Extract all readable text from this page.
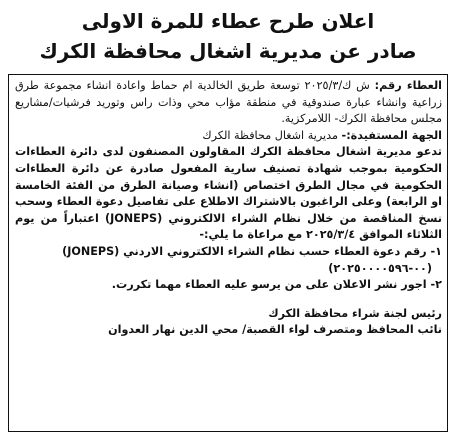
اعلان طرح عطاء للمرة الاولى
صادر عن مديرية اشغال محافظة الكرك

العطاء رقم: ش ك/٢٠٢٥/٣ توسعة طريق الخالدية ام حماط واعادة انشاء مجموعة طرق زراعية وانشاء عبارة صندوقية في منطقة مؤاب محي وذات راس وتوريد فرشيات/مشاريع مجلس محافظة الكرك- اللامركزية.

الجهة المستفيدة:- مديرية اشغال محافظة الكرك

تدعو مديرية اشغال محافظة الكرك المقاولون المصنفون لدى دائرة العطاءات الحكومية بموجب شهادة تصنيف سارية المفعول صادرة عن دائرة العطاءات الحكومية في مجال الطرق اختصاص (انشاء وصيانة الطرق من الفئة الخامسة او الرابعة) وعلى الراغبون بالاشتراك الاطلاع على تفاصيل دعوة العطاء وسحب نسخ المناقصة من خلال نظام الشراء الالكتروني (JONEPS) اعتباراً من يوم الثلاثاء الموافق ٢٠٢٥/٣/٤ مع مراعاة ما يلي:-

١- رقم دعوة العطاء حسب نظام الشراء الالكتروني الاردني (JONEPS)

(٠٠-٢٠٢٥٠٠٠٠٥٩٦)

٢- اجور نشر الاعلان على من يرسو عليه العطاء مهما تكررت.

رئيس لجنة شراء محافظة الكرك

نائب المحافظ ومتصرف لواء القصبة/ محي الدين نهار العدوان
